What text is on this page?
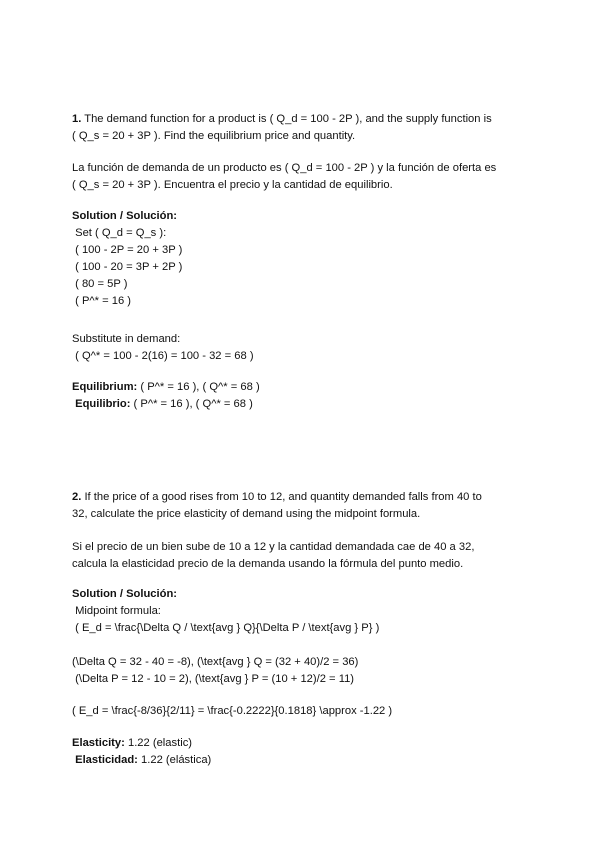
1. The demand function for a product is ( Q_d = 100 - 2P ), and the supply function is
( Q_s = 20 + 3P ). Find the equilibrium price and quantity.
La función de demanda de un producto es ( Q_d = 100 - 2P ) y la función de oferta es
( Q_s = 20 + 3P ). Encuentra el precio y la cantidad de equilibrio.
Solution / Solución:
Set ( Q_d = Q_s ):
( 100 - 2P = 20 + 3P )
( 100 - 20 = 3P + 2P )
( 80 = 5P )
( P^* = 16 )
Substitute in demand:
( Q^* = 100 - 2(16) = 100 - 32 = 68 )
Equilibrium: ( P^* = 16 ), ( Q^* = 68 )
Equilibrio: ( P^* = 16 ), ( Q^* = 68 )
2. If the price of a good rises from 10 to 12, and quantity demanded falls from 40 to
32, calculate the price elasticity of demand using the midpoint formula.
Si el precio de un bien sube de 10 a 12 y la cantidad demandada cae de 40 a 32,
calcula la elasticidad precio de la demanda usando la fórmula del punto medio.
Solution / Solución:
Midpoint formula:
( E_d = \frac{\Delta Q / \text{avg } Q}{\Delta P / \text{avg } P} )
(\Delta Q = 32 - 40 = -8), (\text{avg } Q = (32 + 40)/2 = 36)
(\Delta P = 12 - 10 = 2), (\text{avg } P = (10 + 12)/2 = 11)
( E_d = \frac{-8/36}{2/11} = \frac{-0.2222}{0.1818} \approx -1.22 )
Elasticity: 1.22 (elastic)
Elasticidad: 1.22 (elástica)
